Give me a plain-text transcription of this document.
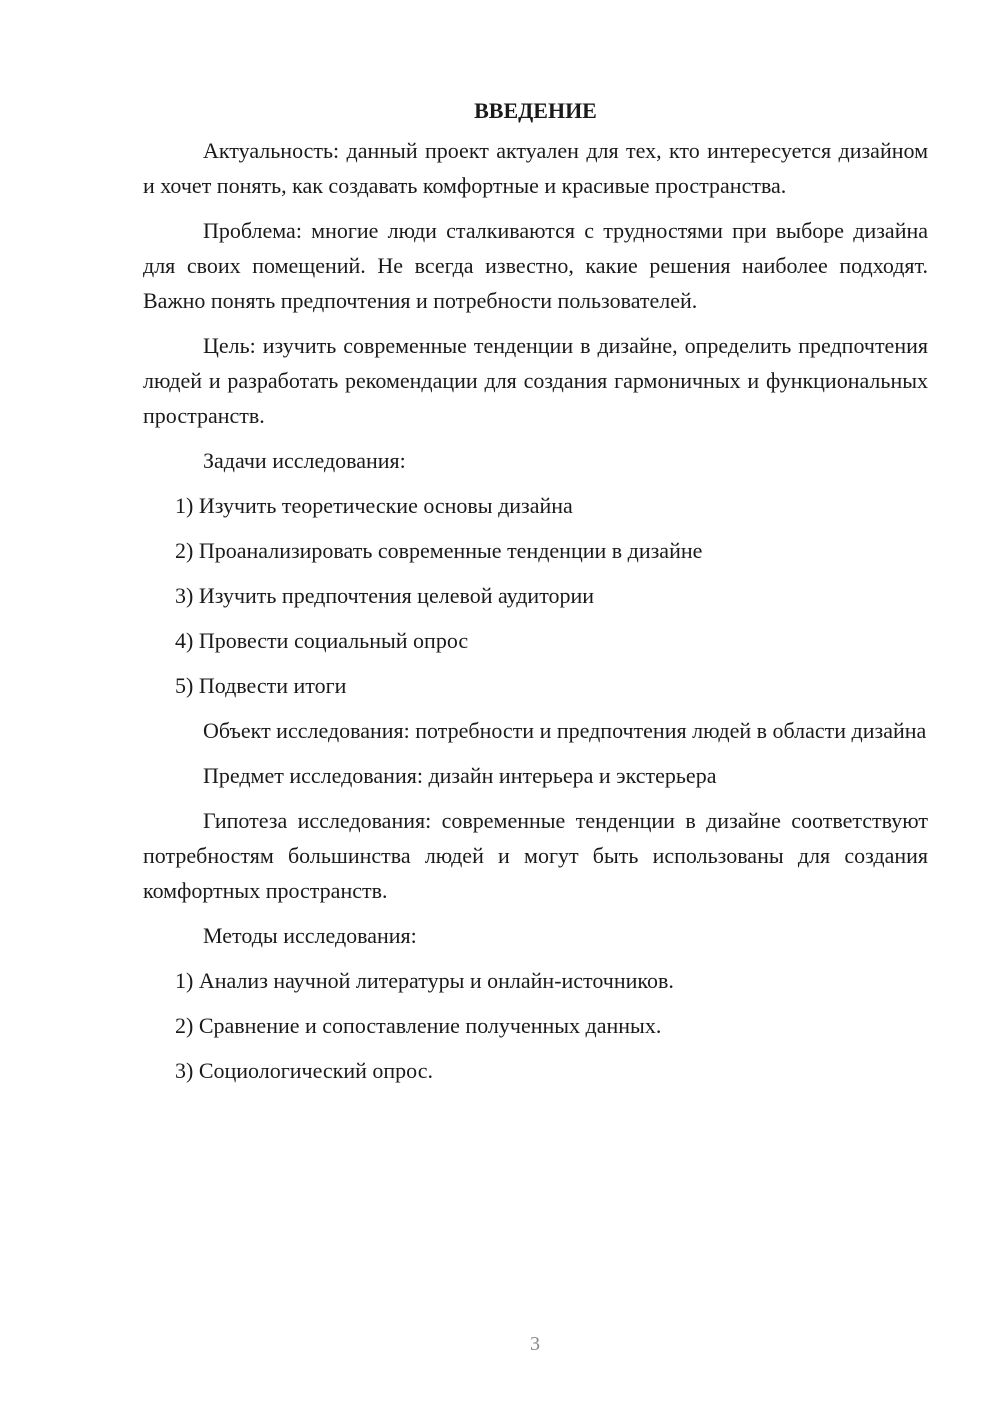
ВВЕДЕНИЕ

Актуальность: данный проект актуален для тех, кто интересуется дизайном и хочет понять, как создавать комфортные и красивые пространства.

Проблема: многие люди сталкиваются с трудностями при выборе дизайна для своих помещений. Не всегда известно, какие решения наиболее подходят. Важно понять предпочтения и потребности пользователей.

Цель: изучить современные тенденции в дизайне, определить предпочтения людей и разработать рекомендации для создания гармоничных и функциональных пространств.

Задачи исследования:
1) Изучить теоретические основы дизайна
2) Проанализировать современные тенденции в дизайне
3) Изучить предпочтения целевой аудитории
4) Провести социальный опрос
5) Подвести итоги

Объект исследования: потребности и предпочтения людей в области дизайна

Предмет исследования: дизайн интерьера и экстерьера

Гипотеза исследования: современные тенденции в дизайне соответствуют потребностям большинства людей и могут быть использованы для создания комфортных пространств.

Методы исследования:
1) Анализ научной литературы и онлайн-источников.
2) Сравнение и сопоставление полученных данных.
3) Социологический опрос.
3
